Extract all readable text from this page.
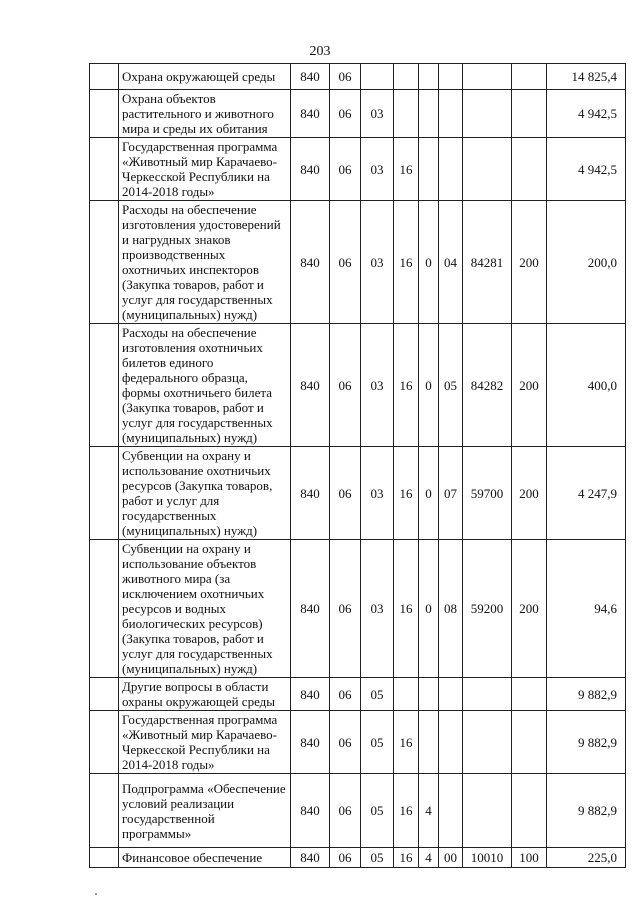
203
	Охрана окружающей среды	840	06							14 825,4
	Охрана объектов растительного и животного мира и среды их обитания	840	06	03						4 942,5
	Государственная программа «Животный мир Карачаево-Черкесской Республики на 2014-2018 годы»	840	06	03	16					4 942,5
	Расходы на обеспечение изготовления удостоверений и нагрудных знаков производственных охотничьих инспекторов (Закупка товаров, работ и услуг для государственных (муниципальных) нужд)	840	06	03	16	0	04	84281	200	200,0
	Расходы на обеспечение изготовления охотничьих билетов единого федерального образца, формы охотничьего билета (Закупка товаров, работ и услуг для государственных (муниципальных) нужд)	840	06	03	16	0	05	84282	200	400,0
	Субвенции на охрану и использование охотничьих ресурсов (Закупка товаров, работ и услуг для государственных (муниципальных) нужд)	840	06	03	16	0	07	59700	200	4 247,9
	Субвенции на охрану и использование объектов животного мира (за исключением охотничьих ресурсов и водных биологических ресурсов) (Закупка товаров, работ и услуг для государственных (муниципальных) нужд)	840	06	03	16	0	08	59200	200	94,6
	Другие вопросы в области охраны окружающей среды	840	06	05						9 882,9
	Государственная программа «Животный мир Карачаево-Черкесской Республики на 2014-2018 годы»	840	06	05	16					9 882,9
	Подпрограмма «Обеспечение условий реализации государственной программы»	840	06	05	16	4				9 882,9
	Финансовое обеспечение	840	06	05	16	4	00	10010	100	225,0
